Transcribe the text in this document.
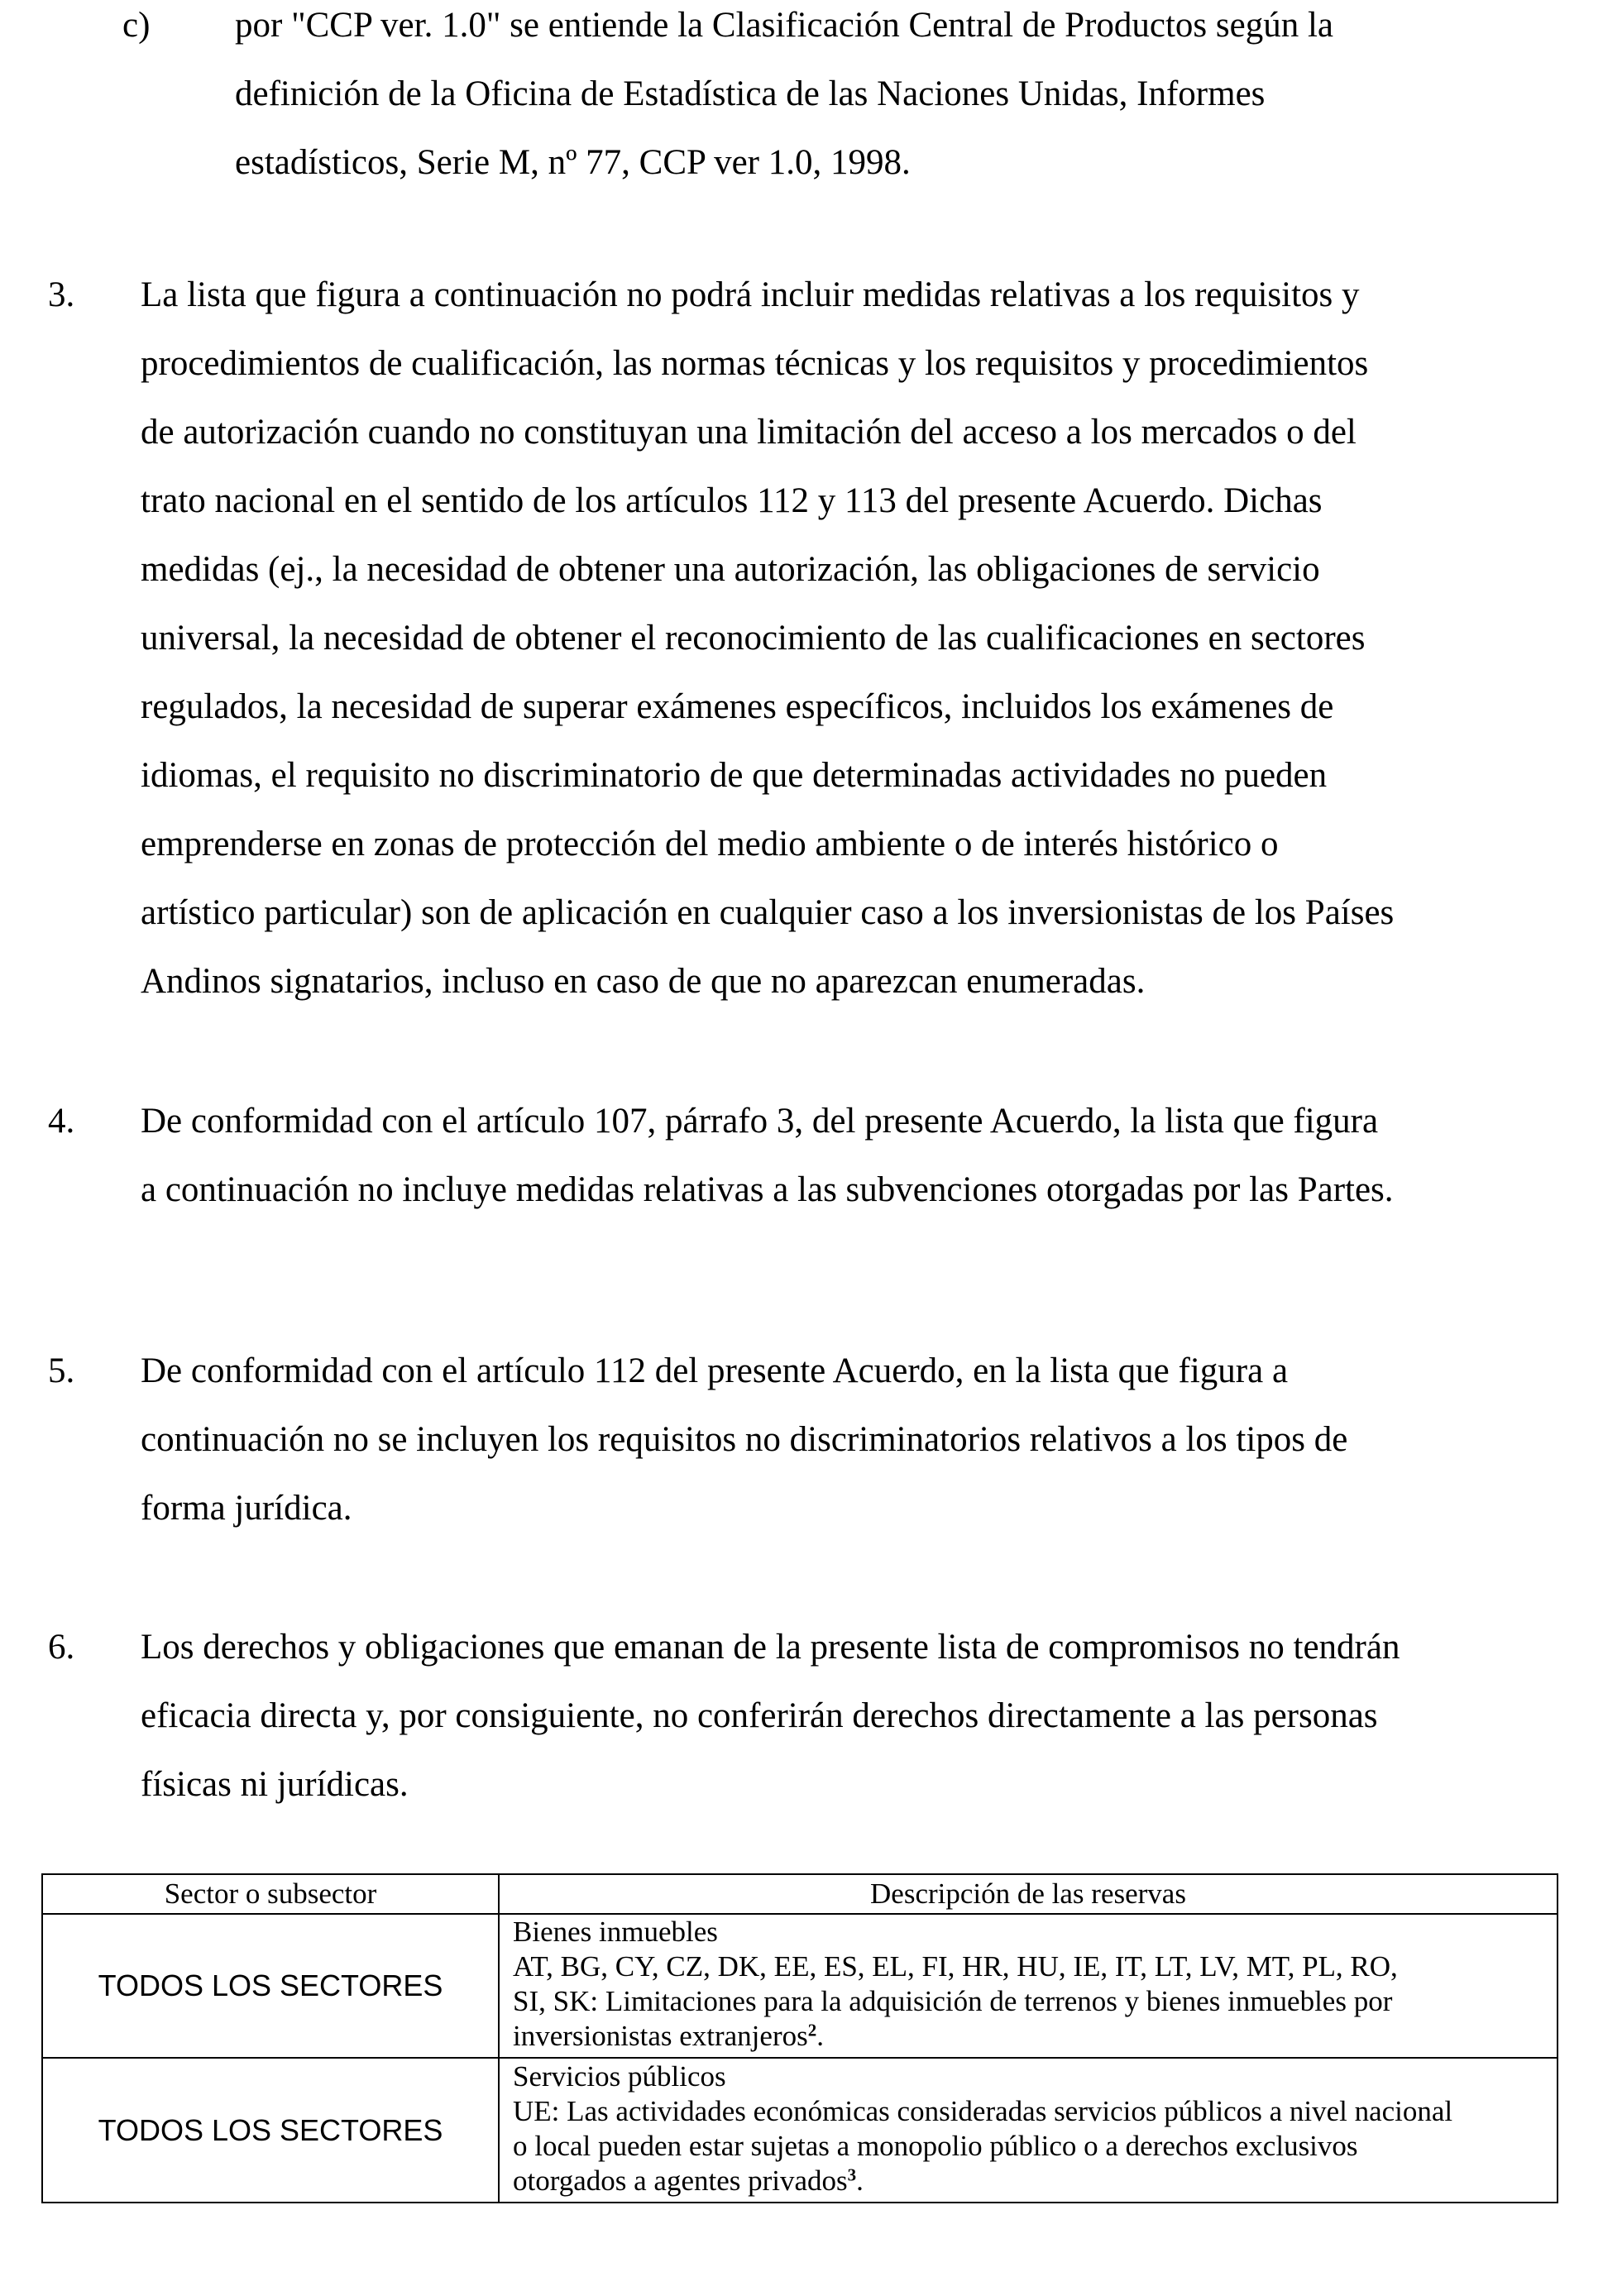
c) por "CCP ver. 1.0" se entiende la Clasificación Central de Productos según la
definición de la Oficina de Estadística de las Naciones Unidas, Informes
estadísticos, Serie M, nº 77, CCP ver 1.0, 1998.
3. La lista que figura a continuación no podrá incluir medidas relativas a los requisitos y
procedimientos de cualificación, las normas técnicas y los requisitos y procedimientos
de autorización cuando no constituyan una limitación del acceso a los mercados o del
trato nacional en el sentido de los artículos 112 y 113 del presente Acuerdo. Dichas
medidas (ej., la necesidad de obtener una autorización, las obligaciones de servicio
universal, la necesidad de obtener el reconocimiento de las cualificaciones en sectores
regulados, la necesidad de superar exámenes específicos, incluidos los exámenes de
idiomas, el requisito no discriminatorio de que determinadas actividades no pueden
emprenderse en zonas de protección del medio ambiente o de interés histórico o
artístico particular) son de aplicación en cualquier caso a los inversionistas de los Países
Andinos signatarios, incluso en caso de que no aparezcan enumeradas.
4. De conformidad con el artículo 107, párrafo 3, del presente Acuerdo, la lista que figura
a continuación no incluye medidas relativas a las subvenciones otorgadas por las Partes.
5. De conformidad con el artículo 112 del presente Acuerdo, en la lista que figura a
continuación no se incluyen los requisitos no discriminatorios relativos a los tipos de
forma jurídica.
6. Los derechos y obligaciones que emanan de la presente lista de compromisos no tendrán
eficacia directa y, por consiguiente, no conferirán derechos directamente a las personas
físicas ni jurídicas.
Sector o subsector	Descripción de las reservas
TODOS LOS SECTORES	Bienes inmuebles
AT, BG, CY, CZ, DK, EE, ES, EL, FI, HR, HU, IE, IT, LT, LV, MT, PL, RO,
SI, SK: Limitaciones para la adquisición de terrenos y bienes inmuebles por
inversionistas extranjeros$^2$.

TODOS LOS SECTORES	Servicios públicos
UE: Las actividades económicas consideradas servicios públicos a nivel nacional
o local pueden estar sujetas a monopolio público o a derechos exclusivos
otorgados a agentes privados$^3$.
